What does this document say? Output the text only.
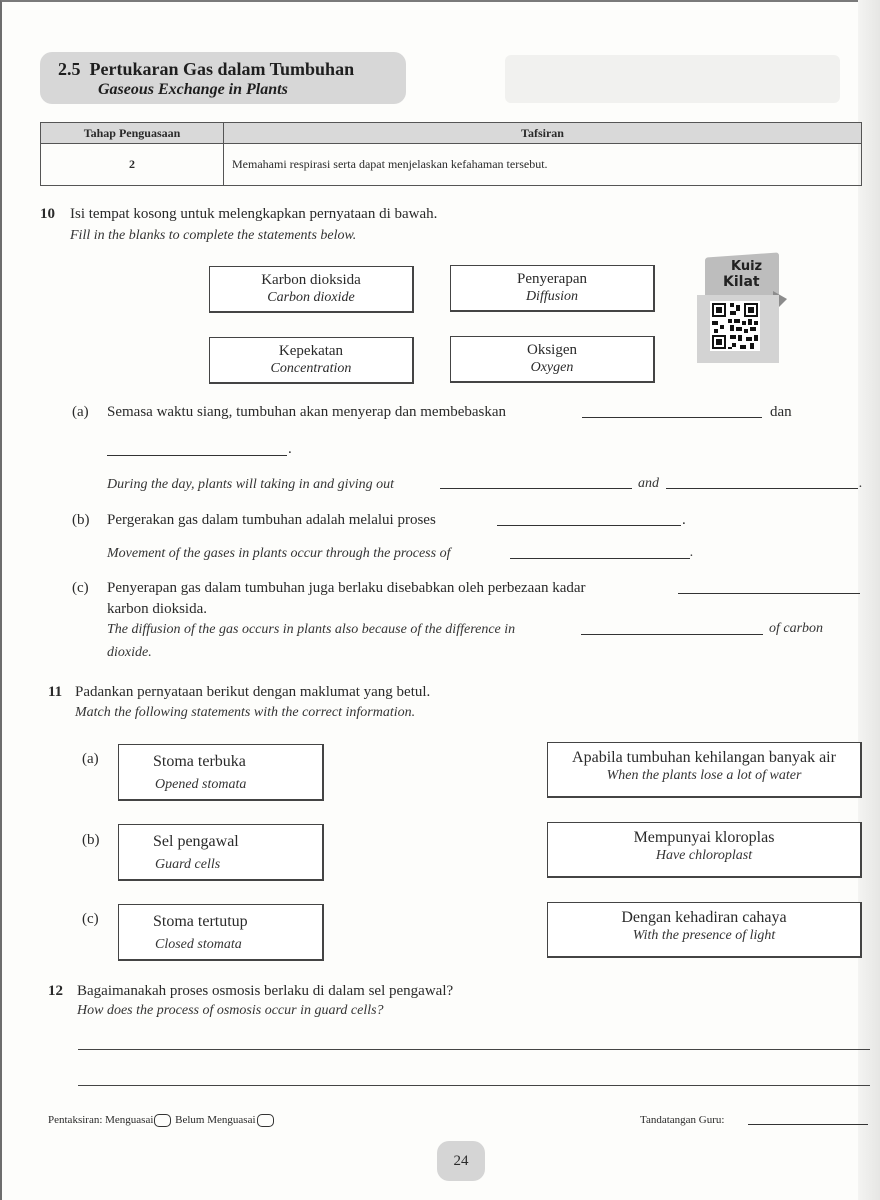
2.5 Pertukaran Gas dalam Tumbuhan
Gaseous Exchange in Plants
Tahap Penguasaan	Tafsiran
2	Memahami respirasi serta dapat menjelaskan kefahaman tersebut.
10 Isi tempat kosong untuk melengkapkan pernyataan di bawah.
Fill in the blanks to complete the statements below.
Karbon dioksida
Carbon dioxide
Penyerapan
Diffusion
Kepekatan
Concentration
Oksigen
Oxygen
Kuiz
Kilat
(a) Semasa waktu siang, tumbuhan akan menyerap dan membebaskan	dan
.
During the day, plants will taking in and giving out	and	.
(b) Pergerakan gas dalam tumbuhan adalah melalui proses	.
Movement of the gases in plants occur through the process of	.
(c) Penyerapan gas dalam tumbuhan juga berlaku disebabkan oleh perbezaan kadar
karbon dioksida.
The diffusion of the gas occurs in plants also because of the difference in	of carbon
dioxide.
11 Padankan pernyataan berikut dengan maklumat yang betul.
Match the following statements with the correct information.
(a)	Stoma terbuka
Opened stomata
(b)	Sel pengawal
Guard cells
(c)	Stoma tertutup
Closed stomata
Apabila tumbuhan kehilangan banyak air
When the plants lose a lot of water
Mempunyai kloroplas
Have chloroplast
Dengan kehadiran cahaya
With the presence of light
12 Bagaimanakah proses osmosis berlaku di dalam sel pengawal?
How does the process of osmosis occur in guard cells?
Pentaksiran: Menguasai Belum Menguasai	Tandatangan Guru:
24
